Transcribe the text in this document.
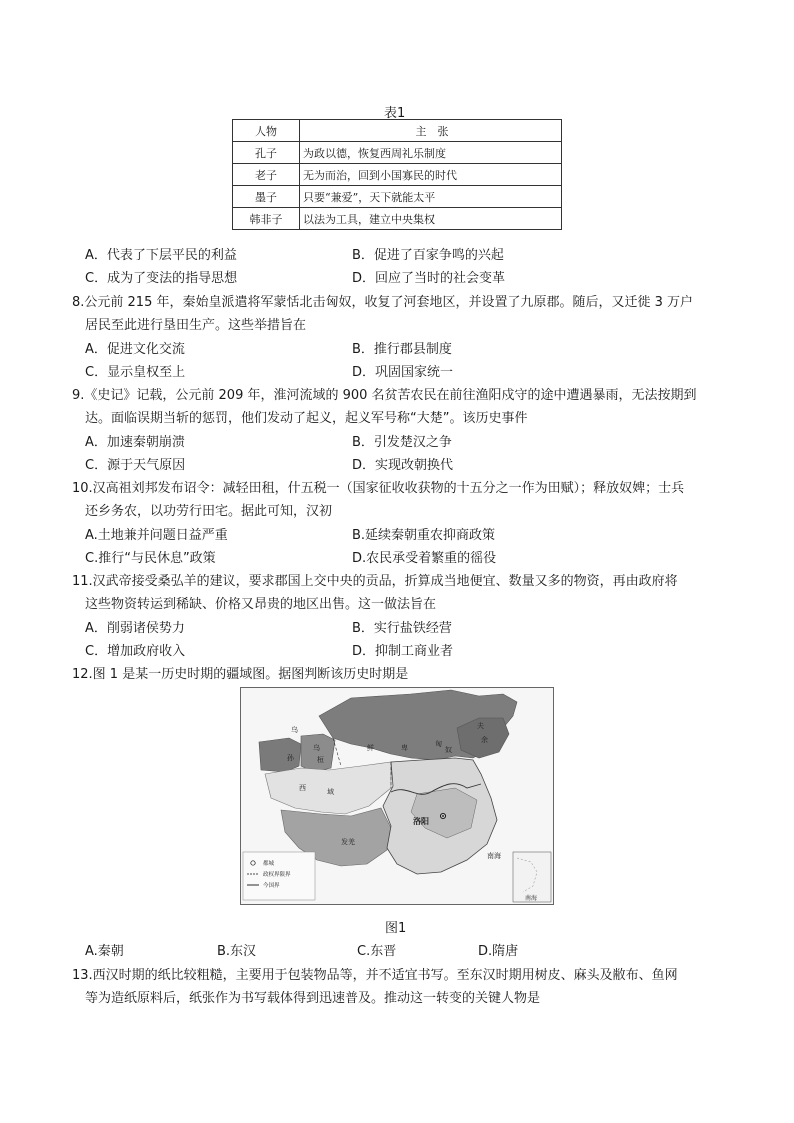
表1
人物	主　张
孔子	为政以德，恢复西周礼乐制度
老子	无为而治，回到小国寡民的时代
墨子	只要“兼爱”，天下就能太平
韩非子	以法为工具，建立中央集权
A．代表了下层平民的利益	B．促进了百家争鸣的兴起
C．成为了变法的指导思想	D．回应了当时的社会变革
8.公元前 215 年，秦始皇派遣将军蒙恬北击匈奴，收复了河套地区，并设置了九原郡。随后，又迁徙 3 万户
居民至此进行垦田生产。这些举措旨在
A．促进文化交流	B．推行郡县制度
C．显示皇权至上	D．巩固国家统一
9.《史记》记载，公元前 209 年，淮河流域的 900 名贫苦农民在前往渔阳戍守的途中遭遇暴雨，无法按期到
达。面临误期当斩的惩罚，他们发动了起义，起义军号称“大楚”。该历史事件
A．加速秦朝崩溃	B．引发楚汉之争
C．源于天气原因	D．实现改朝换代
10.汉高祖刘邦发布诏令：减轻田租，什五税一（国家征收收获物的十五分之一作为田赋）；释放奴婢；士兵
还乡务农，以功劳行田宅。据此可知，汉初
A.土地兼并问题日益严重	B.延续秦朝重农抑商政策
C.推行“与民休息”政策	D.农民承受着繁重的徭役
11.汉武帝接受桑弘羊的建议，要求郡国上交中央的贡品，折算成当地便宜、数量又多的物资，再由政府将
这些物资转运到稀缺、价格又昂贵的地区出售。这一做法旨在
A．削弱诸侯势力	B．实行盐铁经营
C．增加政府收入	D．抑制工商业者
12.图 1 是某一历史时期的疆域图。据图判断该历史时期是
乌
孙
乌
桓
鲜	卑	匈
奴
夫
余
西	域
洛阳
发羌
南海
南海
都城
政权界限界
今国界
图1
A.秦朝	B.东汉	C.东晋	D.隋唐
13.西汉时期的纸比较粗糙，主要用于包装物品等，并不适宜书写。至东汉时期用树皮、麻头及敝布、鱼网
等为造纸原料后，纸张作为书写载体得到迅速普及。推动这一转变的关键人物是
